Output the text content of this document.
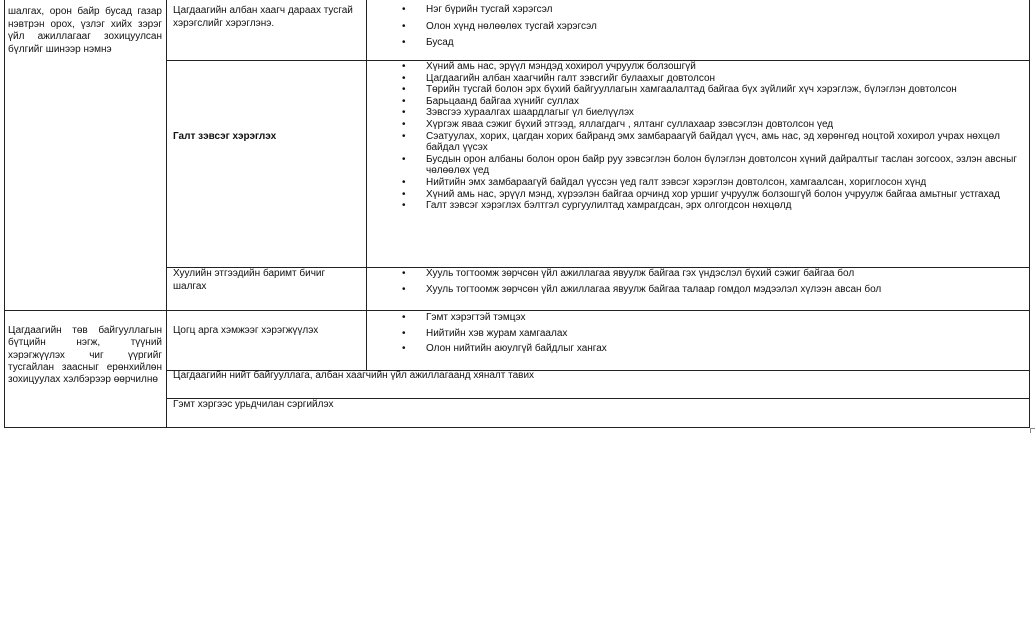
шалгах, орон байр бусад газар нэвтрэн орох, үзлэг хийх зэрэг үйл ажиллагааг зохицуулсан бүлгийг шинээр нэмнэ
Цагдаагийн төв байгууллагын бүтцийн нэгж, түүний хэрэгжүүлэх чиг үүргийг тусгайлан заасныг ерөнхийлөн зохицуулах хэлбэрээр өөрчилнө
Цагдаагийн албан хаагч дараах тусгай хэрэгслийг хэрэглэнэ.
• Нэг бүрийн тусгай хэрэгсэл
• Олон хүнд нөлөөлөх тусгай хэрэгсэл
• Бусад
Галт зэвсэг хэрэглэх
• Хүний амь нас, эрүүл мэндэд хохирол учруулж болзошгүй
• Цагдаагийн албан хаагчийн галт зэвсгийг булаахыг довтолсон
• Төрийн тусгай болон эрх бүхий байгууллагын хамгаалалтад байгаа бүх зүйлийг хүч хэрэглэж, бүлэглэн довтолсон
• Барьцаанд байгаа хүнийг суллах
• Зэвсгээ хураалгах шаардлагыг үл биелүүлэх
• Хүргэж яваа сэжиг бүхий этгээд, яллагдагч , ялтанг суллахаар зэвсэглэн довтолсон үед
• Сэатуулах, хорих, цагдан хорих байранд эмх замбараагүй байдал үүсч, амь нас, эд хөрөнгөд ноцтой хохирол учрах нөхцөл байдал үүсэх
• Бусдын орон албаны болон орон байр руу зэвсэглэн болон бүлэглэн довтолсон хүний дайралтыг таслан зогсоох, эзлэн авсныг чөлөөлөх үед
• Нийтийн эмх замбараагүй байдал үүссэн үед галт зэвсэг хэрэглэн довтолсон, хамгаалсан, хориглосон хүнд
• Хүний амь нас, эрүүл мэнд, хүрээлэн байгаа орчинд хор уршиг учруулж болзошгүй болон учруулж байгаа амьтныг устгахад
• Галт зэвсэг хэрэглэх бэлтгэл сургуулилтад хамрагдсан, эрх олгогдсон нөхцөлд
Хуулийн этгээдийн баримт бичиг шалгах
• Хууль тогтоомж зөрчсөн үйл ажиллагаа явуулж байгаа гэх үндэслэл бүхий сэжиг байгаа бол
• Хууль тогтоомж зөрчсөн үйл ажиллагаа явуулж байгаа талаар гомдол мэдээлэл хүлээн авсан бол
Цогц арга хэмжээг хэрэгжүүлэх
• Гэмт хэрэгтэй тэмцэх
• Нийтийн хэв журам хамгаалах
• Олон нийтийн аюулгүй байдлыг хангах
Цагдаагийн нийт байгууллага, албан хаагчийн үйл ажиллагаанд хяналт тавих
Гэмт хэргээс урьдчилан сэргийлэх
